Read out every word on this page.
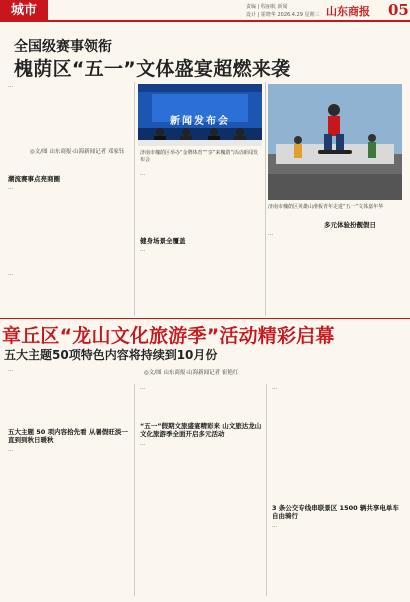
城市	责编 | 程丽航 新闻
设计 | 霍晓华 2026.4.29 星期三 山东商报 05
全国级赛事领衔
槐荫区“五一”文体盛宴超燃来袭
…
◎文/图 山东商报·山海新闻记者 邓家钰
潮流赛事点亮商圈
…
…
新闻发布会
济南市槐荫区举办“金牌体育”“享”来槐荫”活动新闻发布会
…
健身场景全覆盖
…
济南市槐荫区英雄山滑板青年走进“五一”文体嘉年华
多元体验扮靓假日
…
章丘区“龙山文化旅游季”活动精彩启幕
五大主题50项特色内容将持续到10月份
…	◎文/图 山东商报·山海新闻记者 崔艳红
五大主题 50 项内容拾先看 从暑假旺淡一直到到秋日暖秋
…
…
“五一”假期文旅盛宴精彩来 山文旅达龙山文化旅游季全面开启多元活动
…
…
3 条公交专线串联景区 1500 辆共享电单车自由骑行
…
